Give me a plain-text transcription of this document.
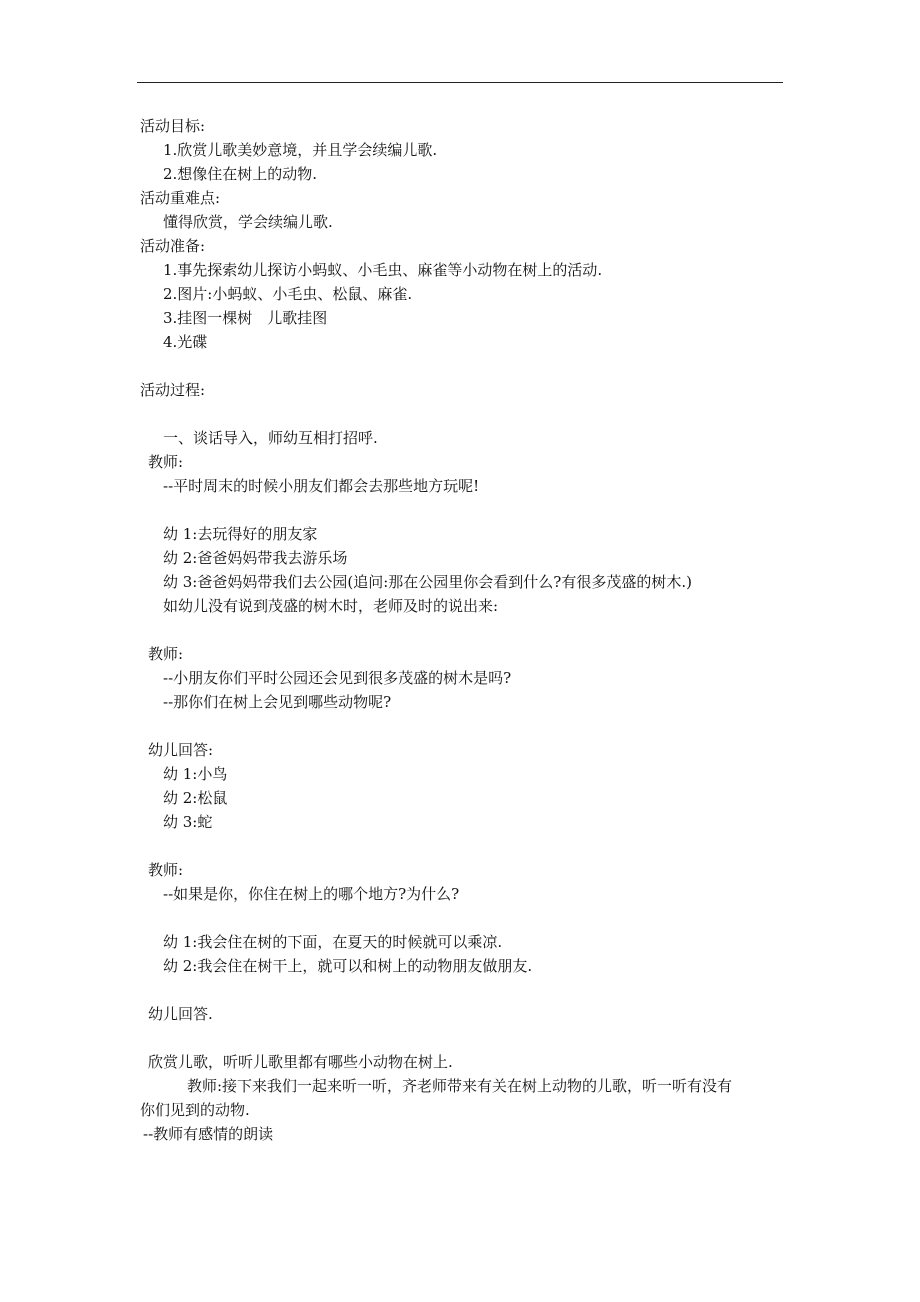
活动目标:
1.欣赏儿歌美妙意境，并且学会续编儿歌.
2.想像住在树上的动物.
活动重难点:
懂得欣赏，学会续编儿歌.
活动准备:
1.事先探索幼儿探访小蚂蚁、小毛虫、麻雀等小动物在树上的活动.
2.图片:小蚂蚁、小毛虫、松鼠、麻雀.
3.挂图一棵树　儿歌挂图
4.光碟
活动过程:
一、谈话导入，师幼互相打招呼.
教师:
--平时周末的时候小朋友们都会去那些地方玩呢!
幼 1:去玩得好的朋友家
幼 2:爸爸妈妈带我去游乐场
幼 3:爸爸妈妈带我们去公园(追问:那在公园里你会看到什么?有很多茂盛的树木.)
如幼儿没有说到茂盛的树木时，老师及时的说出来:
教师:
--小朋友你们平时公园还会见到很多茂盛的树木是吗?
--那你们在树上会见到哪些动物呢?
幼儿回答:
幼 1:小鸟
幼 2:松鼠
幼 3:蛇
教师:
--如果是你，你住在树上的哪个地方?为什么?
幼 1:我会住在树的下面，在夏天的时候就可以乘凉.
幼 2:我会住在树干上，就可以和树上的动物朋友做朋友.
幼儿回答.
欣赏儿歌，听听儿歌里都有哪些小动物在树上.
教师:接下来我们一起来听一听，齐老师带来有关在树上动物的儿歌，听一听有没有
你们见到的动物.
--教师有感情的朗读
